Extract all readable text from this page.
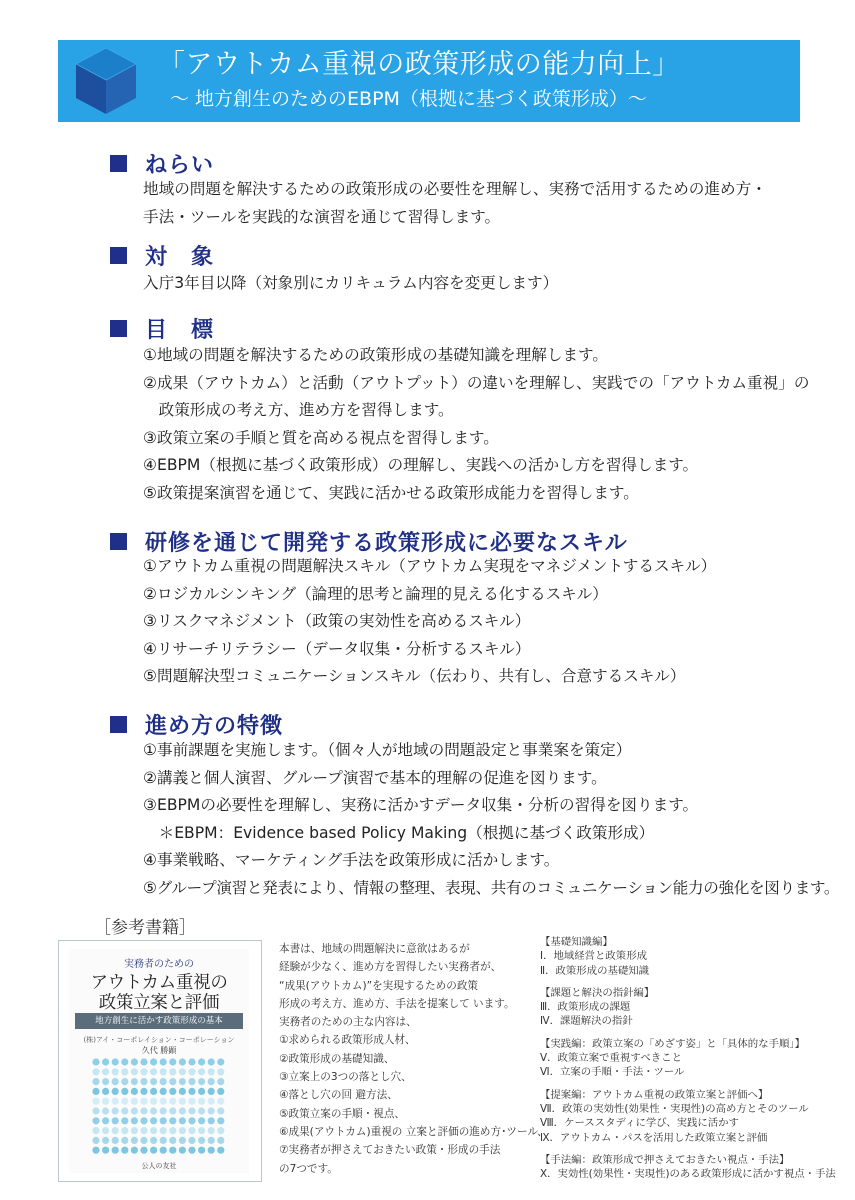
「アウトカム重視の政策形成の能力向上」
～ 地方創生のためのEBPM（根拠に基づく政策形成）～
ねらい
地域の問題を解決するための政策形成の必要性を理解し、実務で活用するための進め方・
手法・ツールを実践的な演習を通じて習得します。
対　象
入庁3年目以降（対象別にカリキュラム内容を変更します）
目　標
①地域の問題を解決するための政策形成の基礎知識を理解します。
②成果（アウトカム）と活動（アウトプット）の違いを理解し、実践での「アウトカム重視」の
　政策形成の考え方、進め方を習得します。
③政策立案の手順と質を高める視点を習得します。
④EBPM（根拠に基づく政策形成）の理解し、実践への活かし方を習得します。
⑤政策提案演習を通じて、実践に活かせる政策形成能力を習得します。
研修を通じて開発する政策形成に必要なスキル
①アウトカム重視の問題解決スキル（アウトカム実現をマネジメントするスキル）
②ロジカルシンキング（論理的思考と論理的見える化するスキル）
③リスクマネジメント（政策の実効性を高めるスキル）
④リサーチリテラシー（データ収集・分析するスキル）
⑤問題解決型コミュニケーションスキル（伝わり、共有し、合意するスキル）
進め方の特徴
①事前課題を実施します。（個々人が地域の問題設定と事業案を策定）
②講義と個人演習、グループ演習で基本的理解の促進を図ります。
③EBPMの必要性を理解し、実務に活かすデータ収集・分析の習得を図ります。
　＊EBPM：Evidence based Policy Making（根拠に基づく政策形成）
④事業戦略、マーケティング手法を政策形成に活かします。
⑤グループ演習と発表により、情報の整理、表現、共有のコミュニケーション能力の強化を図ります。
［参考書籍］
実務者のための
アウトカム重視の
政策立案と評価
地方創生に活かす政策形成の基本
(株)アイ・コーポレイション・コーポレーション
久代 勝顕
公人の友社
本書は、地域の問題解決に意欲はあるが
経験が少なく、進め方を習得したい実務者が、
“成果(アウトカム)”を実現するための政策
形成の考え方、進め方、手法を提案して います。
実務者のための主な内容は、
①求められる政策形成人材、
②政策形成の基礎知識、
③立案上の3つの落とし穴、
④落とし穴の回 避方法、
⑤政策立案の手順・視点、
⑥成果(アウトカム)重視の 立案と評価の進め方･ツール、
⑦実務者が押さえておきたい政策・形成の手法
の7つです。
【基礎知識編】
Ⅰ．地域経営と政策形成
Ⅱ．政策形成の基礎知識
【課題と解決の指針編】
Ⅲ．政策形成の課題
Ⅳ．課題解決の指針
【実践編：政策立案の「めざす姿」と「具体的な手順」】
Ⅴ．政策立案で重視すべきこと
Ⅵ．立案の手順・手法・ツール
【提案編：アウトカム重視の政策立案と評価へ】
Ⅶ．政策の実効性(効果性・実現性)の高め方とそのツール
Ⅷ．ケーススタディに学び、実践に活かす
Ⅸ．アウトカム・パスを活用した政策立案と評価
【手法編：政策形成で押さえておきたい視点・手法】
Ⅹ．実効性(効果性・実現性)のある政策形成に活かす視点・手法
